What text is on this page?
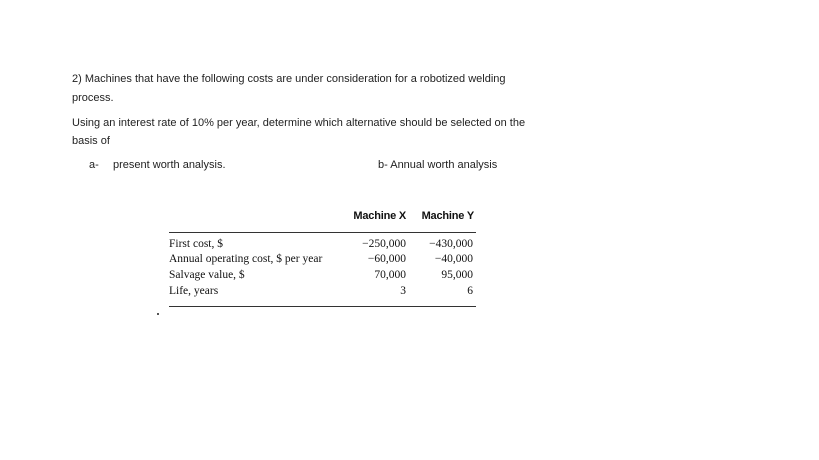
2) Machines that have the following costs are under consideration for a robotized welding
process.
Using an interest rate of 10% per year, determine which alternative should be selected on the
basis of
a- present worth analysis.	b- Annual worth analysis
Machine X Machine Y
First cost, $	−250,000 −430,000
Annual operating cost, $ per year	−60,000	−40,000
Salvage value, $	70,000	95,000
Life, years	3	6
